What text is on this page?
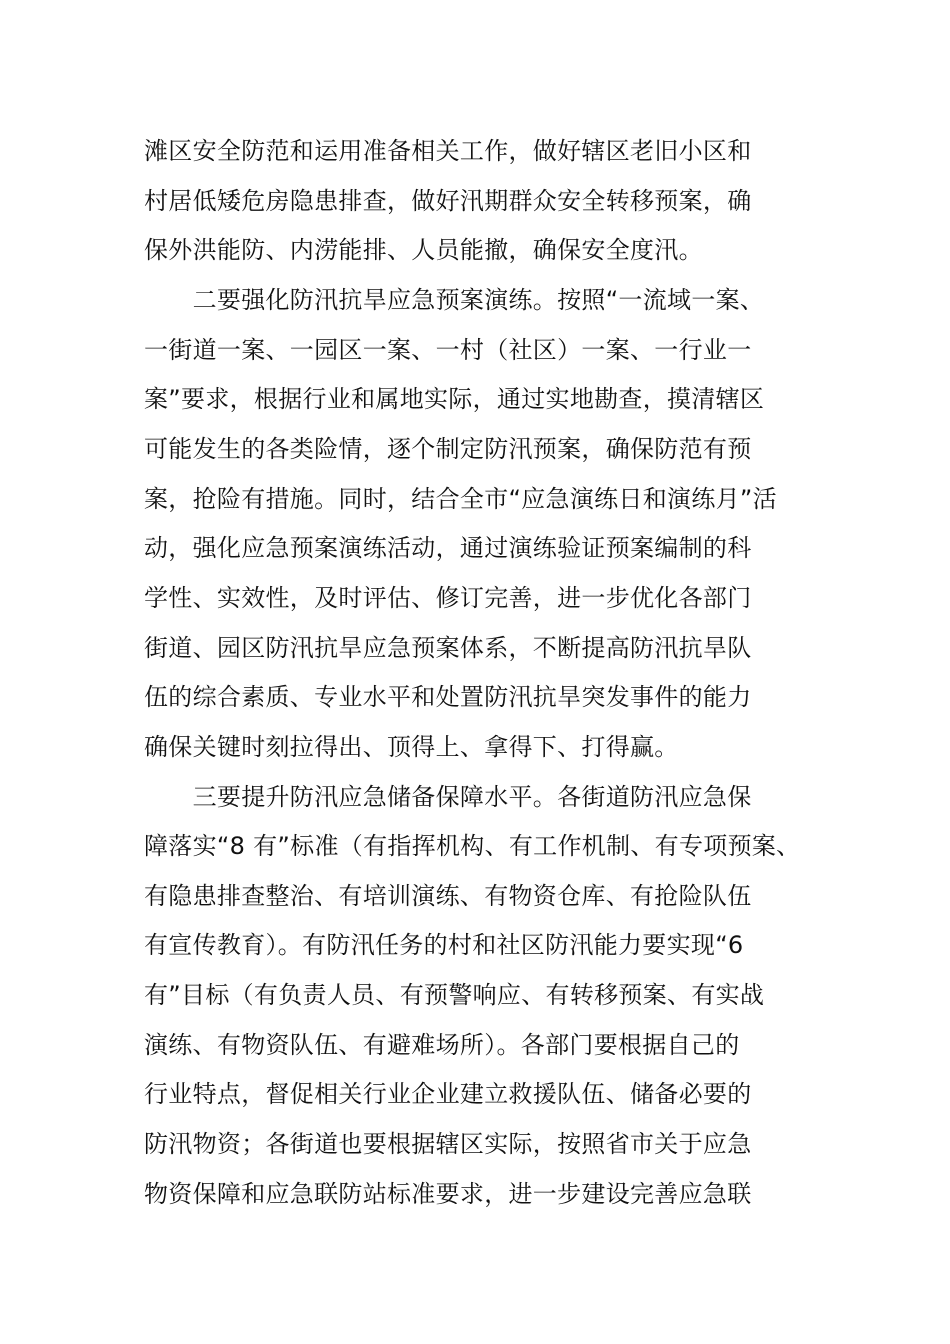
滩区安全防范和运用准备相关工作，做好辖区老旧小区和
村居低矮危房隐患排查，做好汛期群众安全转移预案，确
保外洪能防、内涝能排、人员能撤，确保安全度汛。
　　二要强化防汛抗旱应急预案演练。按照“一流域一案、
一街道一案、一园区一案、一村（社区）一案、一行业一
案”要求，根据行业和属地实际，通过实地勘查，摸清辖区
可能发生的各类险情，逐个制定防汛预案，确保防范有预
案，抢险有措施。同时，结合全市“应急演练日和演练月”活
动，强化应急预案演练活动，通过演练验证预案编制的科
学性、实效性，及时评估、修订完善，进一步优化各部门
街道、园区防汛抗旱应急预案体系，不断提高防汛抗旱队
伍的综合素质、专业水平和处置防汛抗旱突发事件的能力
确保关键时刻拉得出、顶得上、拿得下、打得赢。
　　三要提升防汛应急储备保障水平。各街道防汛应急保
障落实“8 有”标准（有指挥机构、有工作机制、有专项预案、
有隐患排查整治、有培训演练、有物资仓库、有抢险队伍
有宣传教育）。有防汛任务的村和社区防汛能力要实现“6
有”目标（有负责人员、有预警响应、有转移预案、有实战
演练、有物资队伍、有避难场所）。各部门要根据自己的
行业特点，督促相关行业企业建立救援队伍、储备必要的
防汛物资；各街道也要根据辖区实际，按照省市关于应急
物资保障和应急联防站标准要求，进一步建设完善应急联
